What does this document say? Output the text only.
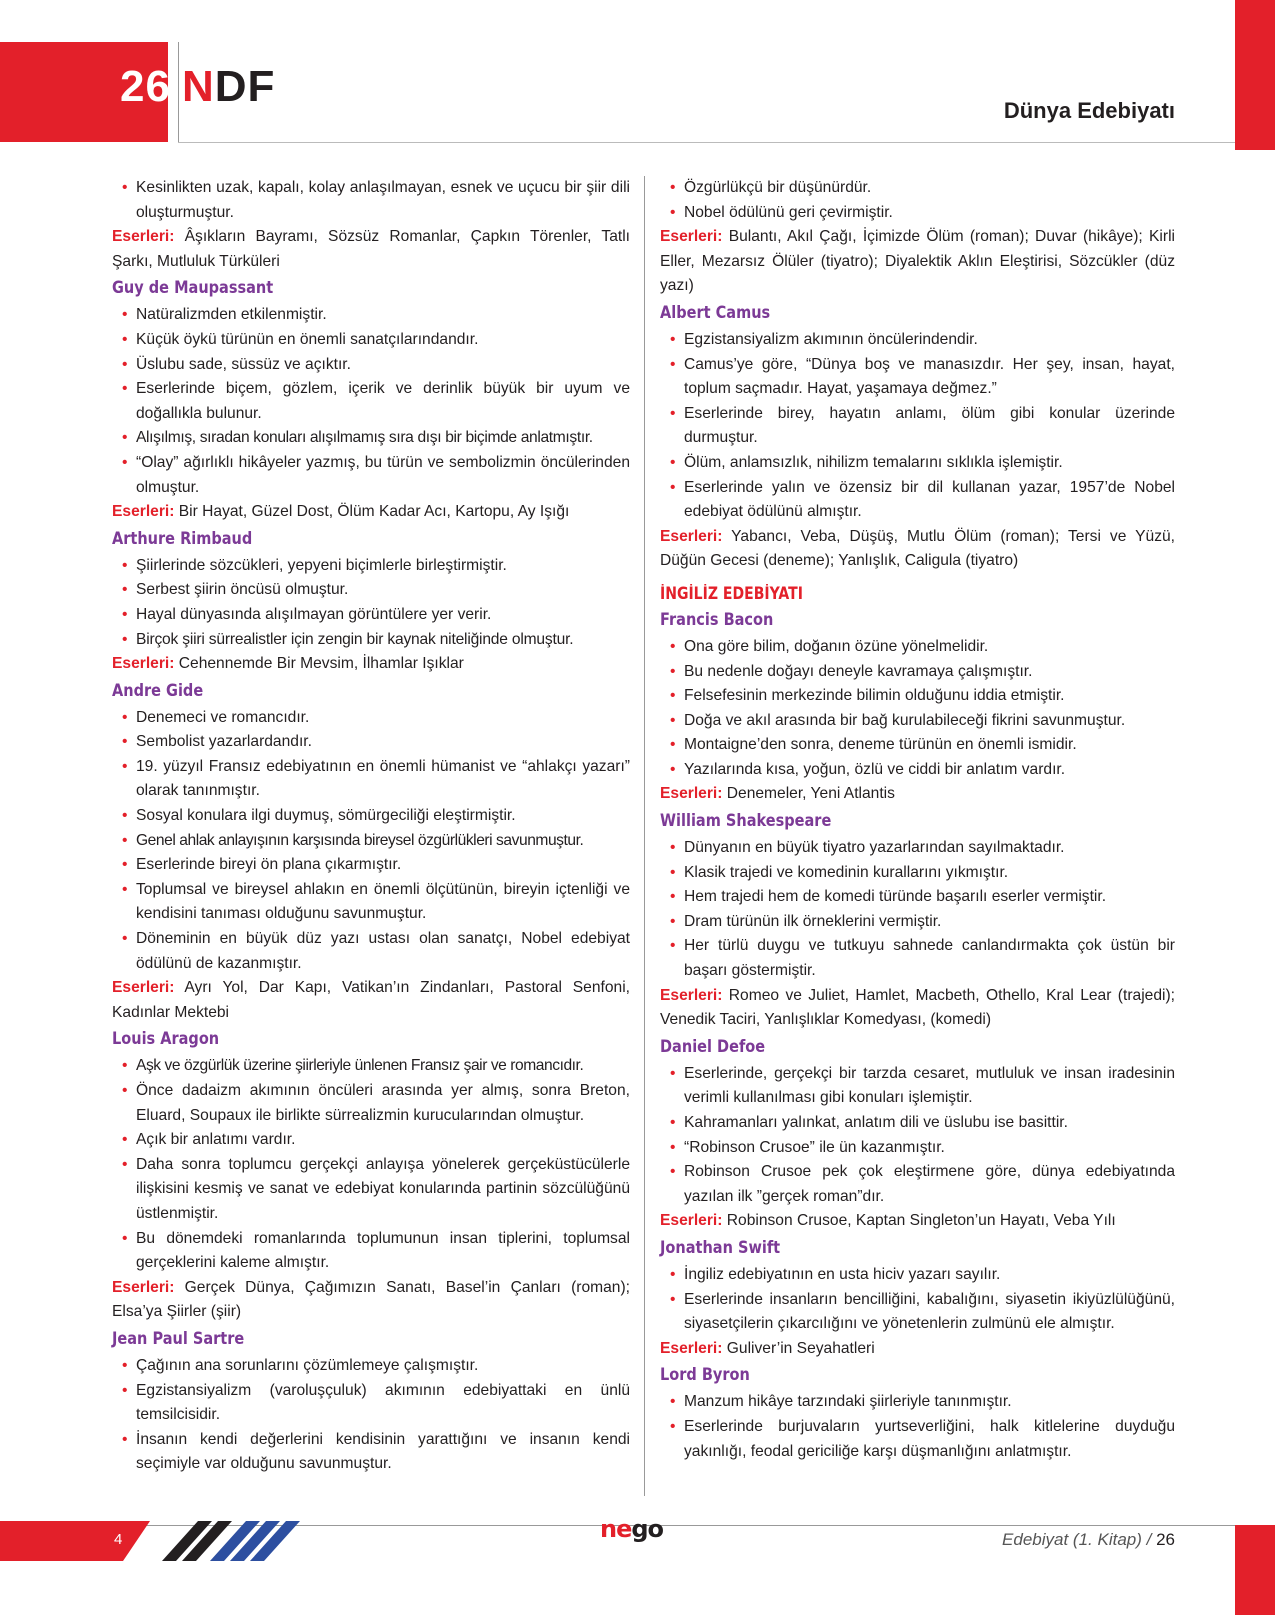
26 NDF	Dünya Edebiyatı

• Kesinlikten uzak, kapalı, kolay anlaşılmayan, esnek ve uçucu bir şiir dili oluşturmuştur.

Eserleri: Âşıkların Bayramı, Sözsüz Romanlar, Çapkın Törenler, Tatlı Şarkı, Mutluluk Türküleri

Guy de Maupassant

• Natüralizmden etkilenmiştir.

• Küçük öykü türünün en önemli sanatçılarındandır.

• Üslubu sade, süssüz ve açıktır.

• Eserlerinde biçem, gözlem, içerik ve derinlik büyük bir uyum ve doğallıkla bulunur.

• Alışılmış, sıradan konuları alışılmamış sıra dışı bir biçimde anlatmıştır.

• “Olay” ağırlıklı hikâyeler yazmış, bu türün ve sembolizmin öncülerinden olmuştur.

Eserleri: Bir Hayat, Güzel Dost, Ölüm Kadar Acı, Kartopu, Ay Işığı

Arthure Rimbaud

• Şiirlerinde sözcükleri, yepyeni biçimlerle birleştirmiştir.

• Serbest şiirin öncüsü olmuştur.

• Hayal dünyasında alışılmayan görüntülere yer verir.

• Birçok şiiri sürrealistler için zengin bir kaynak niteliğinde olmuştur.

Eserleri: Cehennemde Bir Mevsim, İlhamlar Işıklar

Andre Gide

• Denemeci ve romancıdır.

• Sembolist yazarlardandır.

• 19. yüzyıl Fransız edebiyatının en önemli hümanist ve “ahlakçı yazarı” olarak tanınmıştır.

• Sosyal konulara ilgi duymuş, sömürgeciliği eleştirmiştir.

• Genel ahlak anlayışının karşısında bireysel özgürlükleri savunmuştur.

• Eserlerinde bireyi ön plana çıkarmıştır.

• Toplumsal ve bireysel ahlakın en önemli ölçütünün, bireyin içtenliği ve kendisini tanıması olduğunu savunmuştur.

• Döneminin en büyük düz yazı ustası olan sanatçı, Nobel edebiyat ödülünü de kazanmıştır.

Eserleri: Ayrı Yol, Dar Kapı, Vatikan’ın Zindanları, Pastoral Senfoni, Kadınlar Mektebi

Louis Aragon

• Aşk ve özgürlük üzerine şiirleriyle ünlenen Fransız şair ve romancıdır.

• Önce dadaizm akımının öncüleri arasında yer almış, sonra Breton, Eluard, Soupaux ile birlikte sürrealizmin kurucularından olmuştur.

• Açık bir anlatımı vardır.

• Daha sonra toplumcu gerçekçi anlayışa yönelerek gerçeküstücülerle ilişkisini kesmiş ve sanat ve edebiyat konularında partinin sözcülüğünü üstlenmiştir.

• Bu dönemdeki romanlarında toplumunun insan tiplerini, toplumsal gerçeklerini kaleme almıştır.

Eserleri: Gerçek Dünya, Çağımızın Sanatı, Basel’in Çanları (roman); Elsa’ya Şiirler (şiir)

Jean Paul Sartre

• Çağının ana sorunlarını çözümlemeye çalışmıştır.

• Egzistansiyalizm (varoluşçuluk) akımının edebiyattaki en ünlü temsilcisidir.

• İnsanın kendi değerlerini kendisinin yarattığını ve insanın kendi seçimiyle var olduğunu savunmuştur.

• Özgürlükçü bir düşünürdür.

• Nobel ödülünü geri çevirmiştir.

Eserleri: Bulantı, Akıl Çağı, İçimizde Ölüm (roman); Duvar (hikâye); Kirli Eller, Mezarsız Ölüler (tiyatro); Diyalektik Aklın Eleştirisi, Sözcükler (düz yazı)

Albert Camus

• Egzistansiyalizm akımının öncülerindendir.

• Camus’ye göre, “Dünya boş ve manasızdır. Her şey, insan, hayat, toplum saçmadır. Hayat, yaşamaya değmez.”

• Eserlerinde birey, hayatın anlamı, ölüm gibi konular üzerinde durmuştur.

• Ölüm, anlamsızlık, nihilizm temalarını sıklıkla işlemiştir.

• Eserlerinde yalın ve özensiz bir dil kullanan yazar, 1957’de Nobel edebiyat ödülünü almıştır.

Eserleri: Yabancı, Veba, Düşüş, Mutlu Ölüm (roman); Tersi ve Yüzü, Düğün Gecesi (deneme); Yanlışlık, Caligula (tiyatro)

İNGİLİZ EDEBİYATI
Francis Bacon

• Ona göre bilim, doğanın özüne yönelmelidir.

• Bu nedenle doğayı deneyle kavramaya çalışmıştır.

• Felsefesinin merkezinde bilimin olduğunu iddia etmiştir.

• Doğa ve akıl arasında bir bağ kurulabileceği fikrini savunmuştur.

• Montaigne’den sonra, deneme türünün en önemli ismidir.

• Yazılarında kısa, yoğun, özlü ve ciddi bir anlatım vardır.

Eserleri: Denemeler, Yeni Atlantis

William Shakespeare

• Dünyanın en büyük tiyatro yazarlarından sayılmaktadır.

• Klasik trajedi ve komedinin kurallarını yıkmıştır.

• Hem trajedi hem de komedi türünde başarılı eserler vermiştir.

• Dram türünün ilk örneklerini vermiştir.

• Her türlü duygu ve tutkuyu sahnede canlandırmakta çok üstün bir başarı göstermiştir.

Eserleri: Romeo ve Juliet, Hamlet, Macbeth, Othello, Kral Lear (trajedi); Venedik Taciri, Yanlışlıklar Komedyası, (komedi)

Daniel Defoe

• Eserlerinde, gerçekçi bir tarzda cesaret, mutluluk ve insan iradesinin verimli kullanılması gibi konuları işlemiştir.

• Kahramanları yalınkat, anlatım dili ve üslubu ise basittir.

• “Robinson Crusoe” ile ün kazanmıştır.

• Robinson Crusoe pek çok eleştirmene göre, dünya edebiyatında yazılan ilk ”gerçek roman”dır.

Eserleri: Robinson Crusoe, Kaptan Singleton’un Hayatı, Veba Yılı

Jonathan Swift

• İngiliz edebiyatının en usta hiciv yazarı sayılır.

• Eserlerinde insanların bencilliğini, kabalığını, siyasetin ikiyüzlülüğünü, siyasetçilerin çıkarcılığını ve yönetenlerin zulmünü ele almıştır.

Eserleri: Guliver’in Seyahatleri

Lord Byron

• Manzum hikâye tarzındaki şiirleriyle tanınmıştır.

• Eserlerinde burjuvaların yurtseverliğini, halk kitlelerine duyduğu yakınlığı, feodal gericiliğe karşı düşmanlığını anlatmıştır.

4	nego	Edebiyat (1. Kitap) / 26
